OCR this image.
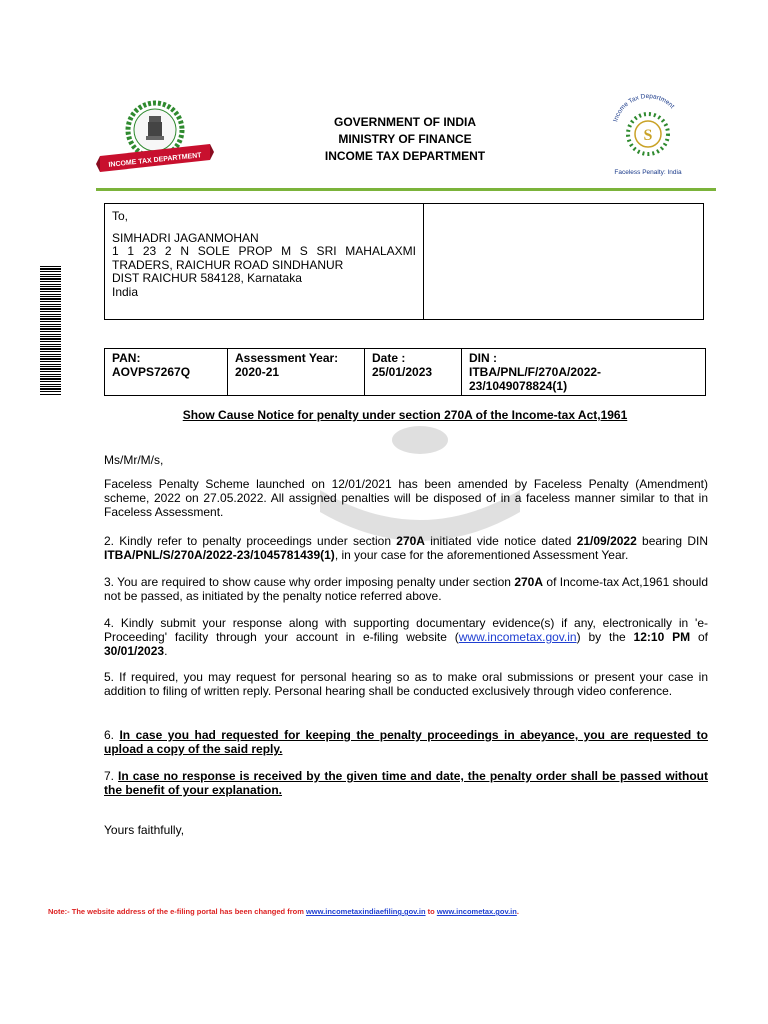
INCOME TAX DEPARTMENT
GOVERNMENT OF INDIA
MINISTRY OF FINANCE
INCOME TAX DEPARTMENT
Income Tax Department
S
Faceless Penalty: India
To,
SIMHADRI JAGANMOHAN
1 1 23 2 N SOLE PROP M S SRI MAHALAXMI
TRADERS, RAICHUR ROAD SINDHANUR
DIST RAICHUR 584128, Karnataka
India
PAN:
AOVPS7267Q

Assessment Year:
2020-21

Date :
25/01/2023

DIN :
ITBA/PNL/F/270A/2022-
23/1049078824(1)
Show Cause Notice for penalty under section 270A of the Income-tax Act,1961
Ms/Mr/M/s,
Faceless Penalty Scheme launched on 12/01/2021 has been amended by Faceless Penalty (Amendment) scheme, 2022 on 27.05.2022. All assigned penalties will be disposed of in a faceless manner similar to that in Faceless Assessment.
2. Kindly refer to penalty proceedings under section 270A initiated vide notice dated 21/09/2022 bearing DIN ITBA/PNL/S/270A/2022-23/1045781439(1), in your case for the aforementioned Assessment Year.
3. You are required to show cause why order imposing penalty under section 270A of Income-tax Act,1961 should not be passed, as initiated by the penalty notice referred above.
4. Kindly submit your response along with supporting documentary evidence(s) if any, electronically in 'e-Proceeding' facility through your account in e-filing website (www.incometax.gov.in) by the 12:10 PM of 30/01/2023.
5. If required, you may request for personal hearing so as to make oral submissions or present your case in addition to filing of written reply. Personal hearing shall be conducted exclusively through video conference.
6. In case you had requested for keeping the penalty proceedings in abeyance, you are requested to upload a copy of the said reply.
7. In case no response is received by the given time and date, the penalty order shall be passed without the benefit of your explanation.
Yours faithfully,
Note:- The website address of the e-filing portal has been changed from www.incometaxindiaefiling.gov.in to www.incometax.gov.in.
